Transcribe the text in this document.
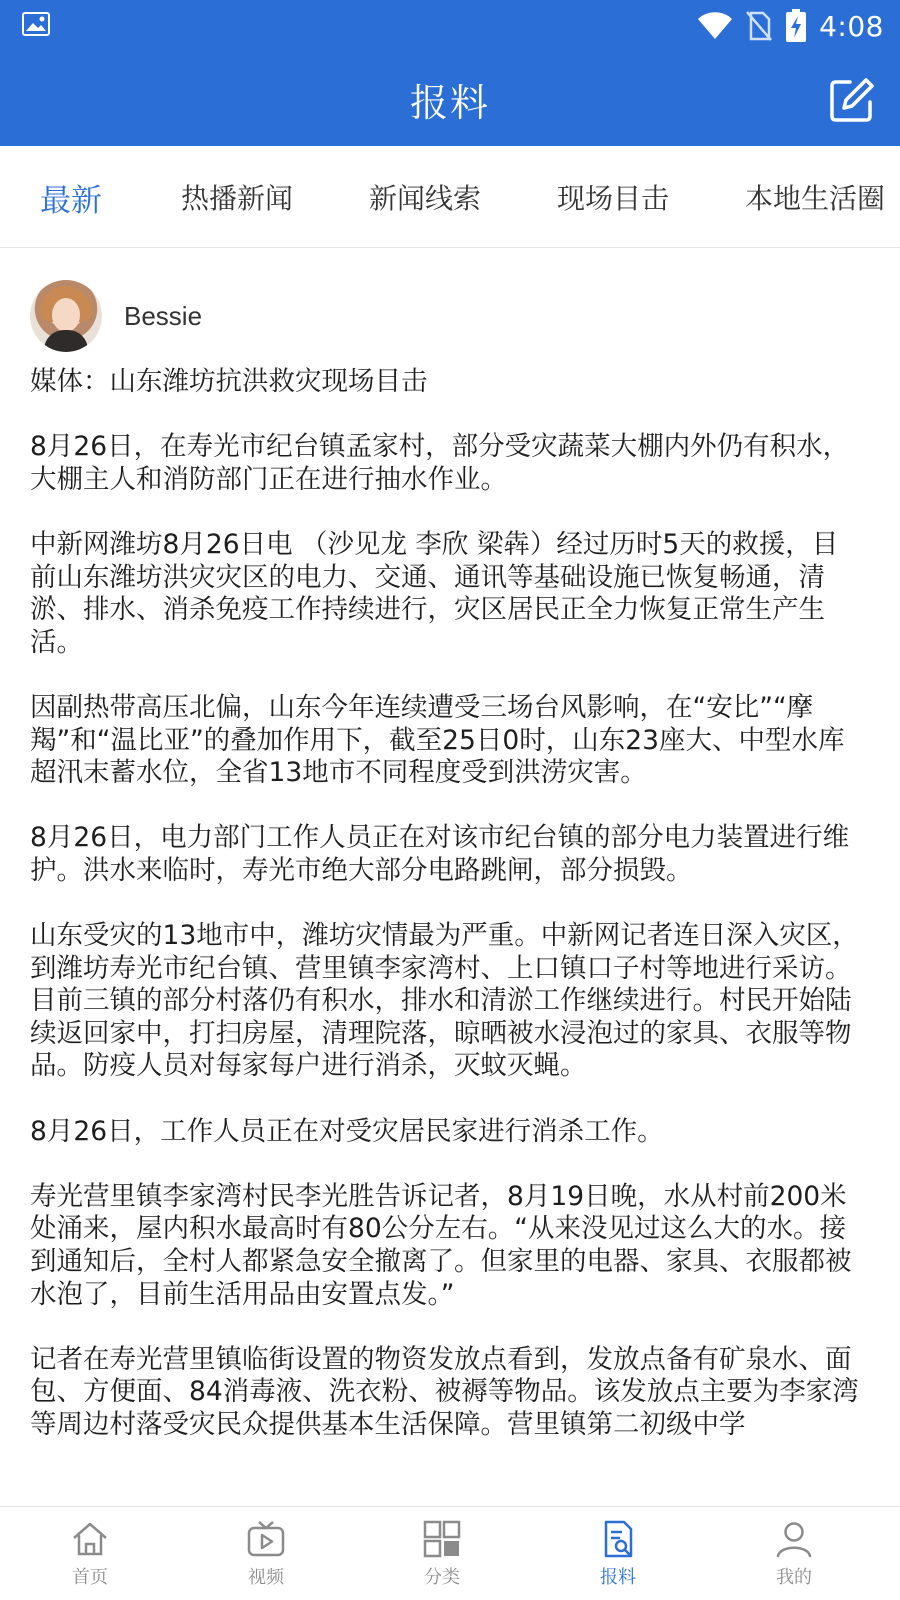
4:08
报料
最新	热播新闻	新闻线索	现场目击	本地生活圈
Bessie

媒体：山东潍坊抗洪救灾现场目击

8月26日，在寿光市纪台镇孟家村，部分受灾蔬菜大棚内外仍有积水，大棚主人和消防部门正在进行抽水作业。

中新网潍坊8月26日电 （沙见龙 李欣 梁犇）经过历时5天的救援，目前山东潍坊洪灾灾区的电力、交通、通讯等基础设施已恢复畅通，清淤、排水、消杀免疫工作持续进行，灾区居民正全力恢复正常生产生活。

因副热带高压北偏，山东今年连续遭受三场台风影响，在“安比”“摩羯”和“温比亚”的叠加作用下，截至25日0时，山东23座大、中型水库超汛末蓄水位，全省13地市不同程度受到洪涝灾害。

8月26日，电力部门工作人员正在对该市纪台镇的部分电力装置进行维护。洪水来临时，寿光市绝大部分电路跳闸，部分损毁。

山东受灾的13地市中，潍坊灾情最为严重。中新网记者连日深入灾区，到潍坊寿光市纪台镇、营里镇李家湾村、上口镇口子村等地进行采访。

目前三镇的部分村落仍有积水，排水和清淤工作继续进行。村民开始陆续返回家中，打扫房屋，清理院落，晾晒被水浸泡过的家具、衣服等物品。防疫人员对每家每户进行消杀，灭蚊灭蝇。

8月26日，工作人员正在对受灾居民家进行消杀工作。

寿光营里镇李家湾村民李光胜告诉记者，8月19日晚，水从村前200米处涌来，屋内积水最高时有80公分左右。“从来没见过这么大的水。接到通知后，全村人都紧急安全撤离了。但家里的电器、家具、衣服都被水泡了，目前生活用品由安置点发。”

记者在寿光营里镇临街设置的物资发放点看到，发放点备有矿泉水、面包、方便面、84消毒液、洗衣粉、被褥等物品。该发放点主要为李家湾等周边村落受灾民众提供基本生活保障。营里镇第二初级中学

首页	视频	分类	报料	我的
